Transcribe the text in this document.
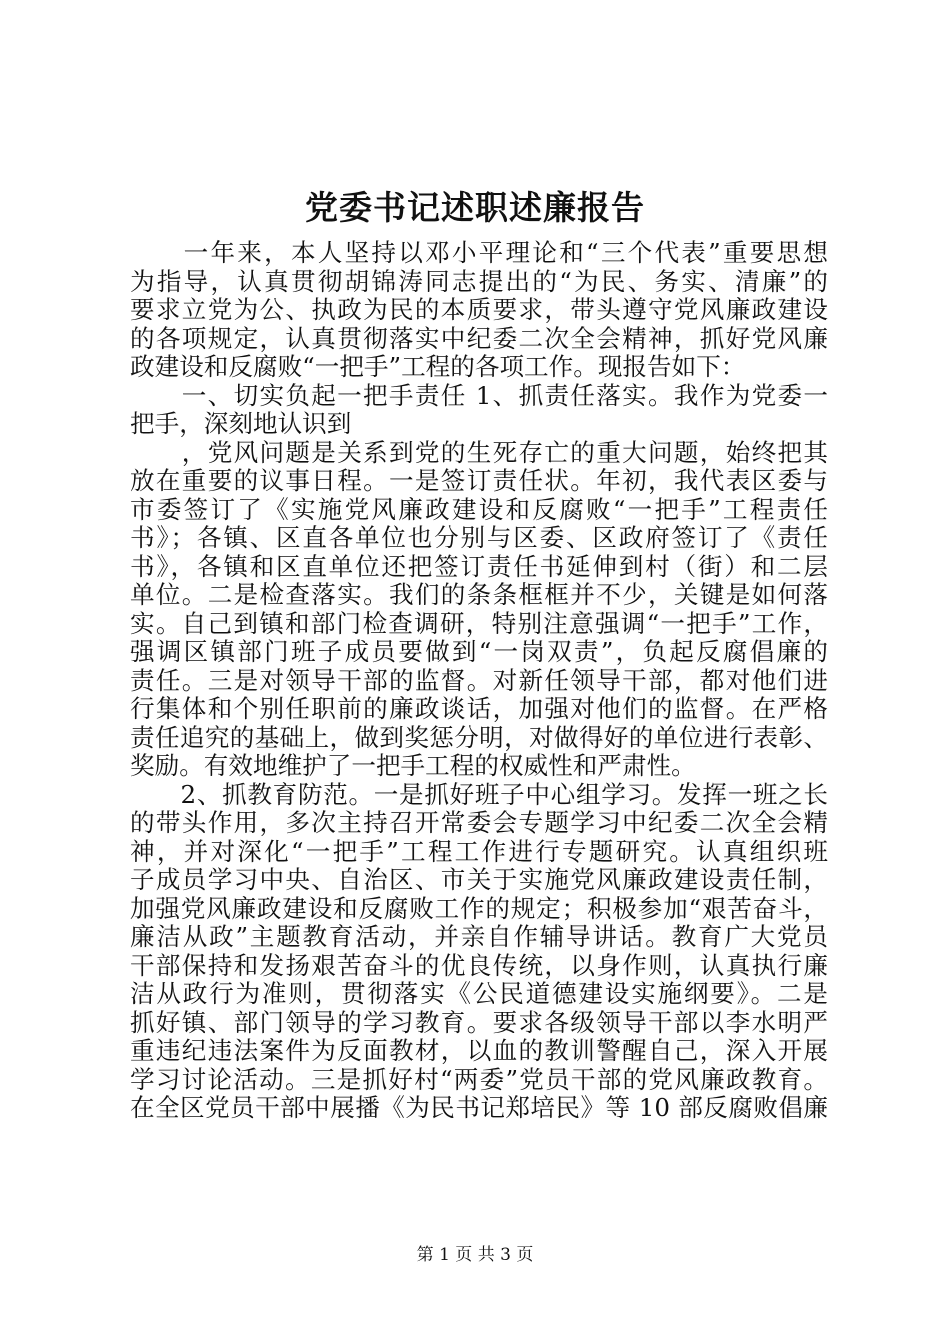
党委书记述职述廉报告
　　一年来，本人坚持以邓小平理论和“三个代表”重要思想
为指导，认真贯彻胡锦涛同志提出的“为民、务实、清廉”的
要求立党为公、执政为民的本质要求，带头遵守党风廉政建设
的各项规定，认真贯彻落实中纪委二次全会精神，抓好党风廉
政建设和反腐败“一把手”工程的各项工作。现报告如下：
　　一、切实负起一把手责任 1、抓责任落实。我作为党委一
把手，深刻地认识到
　　，党风问题是关系到党的生死存亡的重大问题，始终把其
放在重要的议事日程。一是签订责任状。年初，我代表区委与
市委签订了《实施党风廉政建设和反腐败“一把手”工程责任
书》；各镇、区直各单位也分别与区委、区政府签订了《责任
书》，各镇和区直单位还把签订责任书延伸到村（街）和二层
单位。二是检查落实。我们的条条框框并不少，关键是如何落
实。自己到镇和部门检查调研，特别注意强调“一把手”工作，
强调区镇部门班子成员要做到“一岗双责”，负起反腐倡廉的
责任。三是对领导干部的监督。对新任领导干部，都对他们进
行集体和个别任职前的廉政谈话，加强对他们的监督。在严格
责任追究的基础上，做到奖惩分明，对做得好的单位进行表彰、
奖励。有效地维护了一把手工程的权威性和严肃性。
　　2、抓教育防范。一是抓好班子中心组学习。发挥一班之长
的带头作用，多次主持召开常委会专题学习中纪委二次全会精
神，并对深化“一把手”工程工作进行专题研究。认真组织班
子成员学习中央、自治区、市关于实施党风廉政建设责任制，
加强党风廉政建设和反腐败工作的规定；积极参加“艰苦奋斗，
廉洁从政”主题教育活动，并亲自作辅导讲话。教育广大党员
干部保持和发扬艰苦奋斗的优良传统，以身作则，认真执行廉
洁从政行为准则，贯彻落实《公民道德建设实施纲要》。二是
抓好镇、部门领导的学习教育。要求各级领导干部以李水明严
重违纪违法案件为反面教材，以血的教训警醒自己，深入开展
学习讨论活动。三是抓好村“两委”党员干部的党风廉政教育。
在全区党员干部中展播《为民书记郑培民》等 10 部反腐败倡廉
第 1 页 共 3 页
